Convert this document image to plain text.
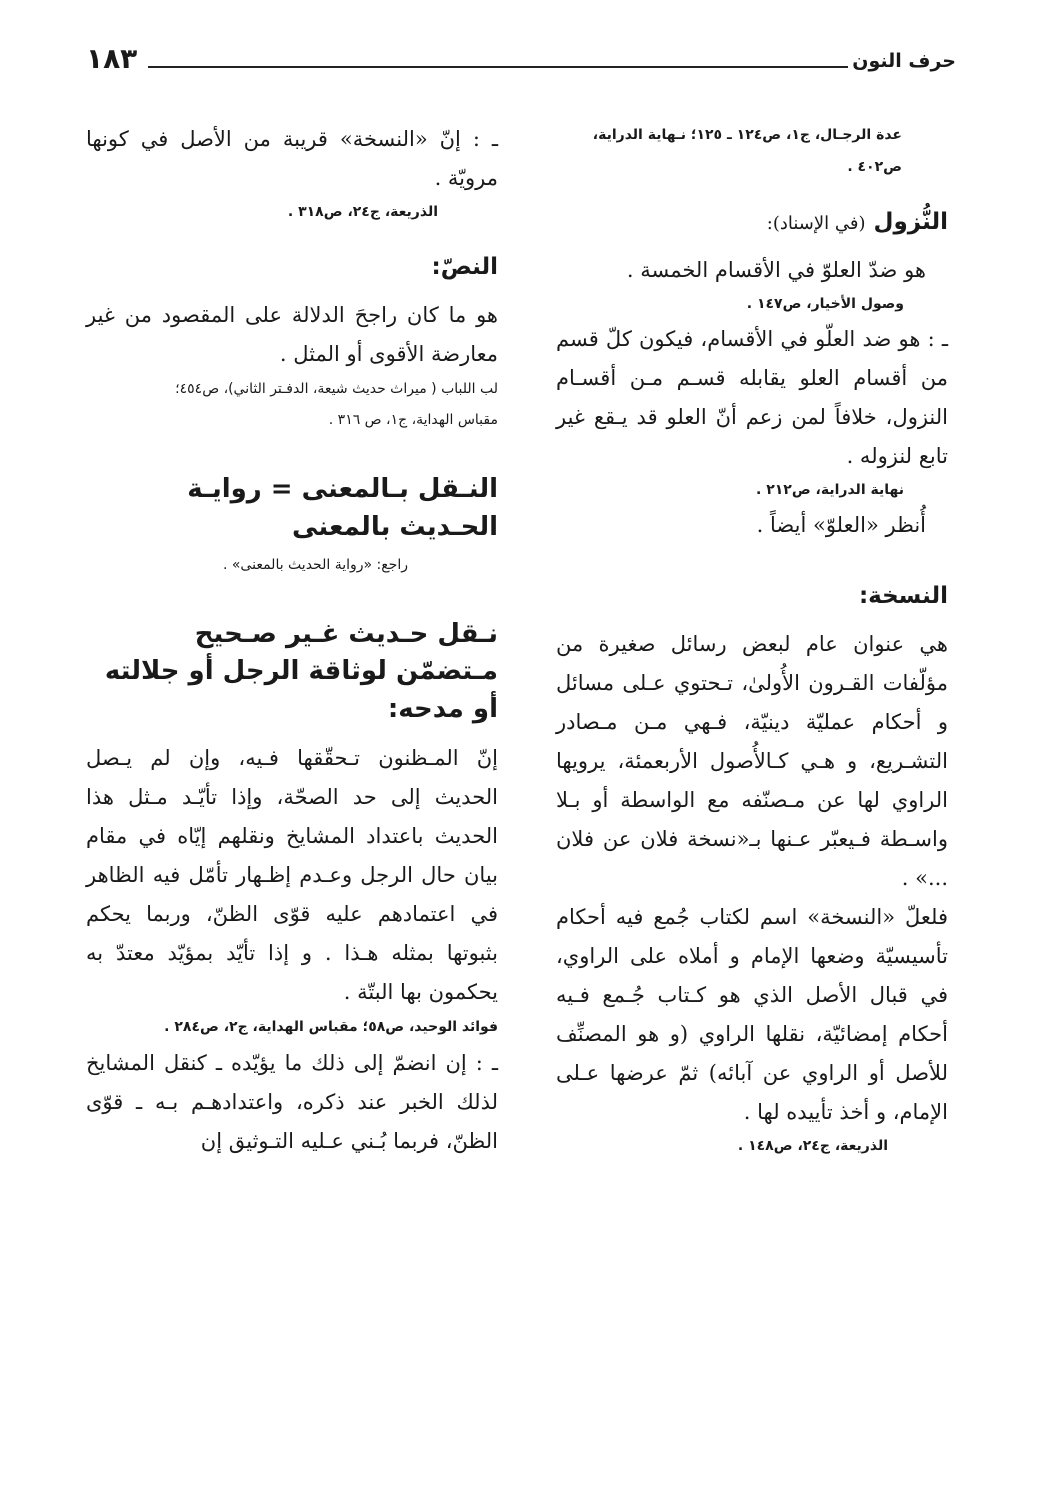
حرف النون
١٨٣

عدة الرجـال، ج١، ص١٢٤ ـ ١٢٥؛ نـهاية الدراية، ص٤٠٢ .

النُّزول (في الإسناد):

هو ضدّ العلوّ في الأقسام الخمسة .

وصول الأخيار، ص١٤٧ .

ـ : هو ضد العلّو في الأقسام، فيكون كلّ قسم من أقسام العلو يقابله قسـم مـن أقسـام النزول، خلافاً لمن زعم أنّ العلو قد يـقع غير تابع لنزوله .

نهاية الدراية، ص٢١٢ .

أُنظر «العلوّ» أيضاً .

النسخة:

هي عنوان عام لبعض رسائل صغيرة من مؤلّفات القـرون الأُولىٰ، تـحتوي عـلى مسائل و أحكام عمليّة دينيّة، فـهي مـن مـصادر التشـريع، و هـي كـالأُصول الأربعمئة، يرويها الراوي لها عن مـصنّفه مع الواسطة أو بـلا واسـطة فـيعبّر عـنها بـ«نسخة فلان عن فلان ...» .

فلعلّ «النسخة» اسم لكتاب جُمع فيه أحكام تأسيسيّة وضعها الإمام و أملاه على الراوي، في قبال الأصل الذي هو كـتاب جُـمع فـيه أحكام إمضائيّة، نقلها الراوي (و هو المصنِّف للأصل أو الراوي عن آبائه) ثمّ عرضها عـلى الإمام، و أخذ تأييده لها .

الذريعة، ج٢٤، ص١٤٨ .

ـ : إنّ «النسخة» قريبة من الأصل في كونها مرويّة .

الذريعة، ج٢٤، ص٣١٨ .

النصّ:

هو ما كان راجحَ الدلالة على المقصود من غير معارضة الأقوى أو المثل .

لب اللباب ( ميراث حديث شيعة، الدفـتر الثاني)، ص٤٥٤؛ مقباس الهداية، ج١، ص ٣١٦ .

النـقل بـالمعنى = روايـة الحـديث بالمعنى

راجع: «رواية الحديث بالمعنى» .

نـقل حـديث غـير صـحيح مـتضمّن لوثاقة الرجل أو جلالته أو مدحه:

إنّ المـظنون تـحقّقها فـيه، وإن لم يـصل الحديث إلى حد الصحّة، وإذا تأيّـد مـثل هذا الحديث باعتداد المشايخ ونقلهم إيّاه في مقام بيان حال الرجل وعـدم إظـهار تأمّل فيه الظاهر في اعتمادهم عليه قوّى الظنّ، وربما يحكم بثبوتها بمثله هـذا . و إذا تأيّد بمؤيّد معتدّ به يحكمون بها البتّة .

فوائد الوحيد، ص٥٨؛ مقباس الهداية، ج٢، ص٢٨٤ .

ـ : إن انضمّ إلى ذلك ما يؤيّده ـ كنقل المشايخ لذلك الخبر عند ذكره، واعتدادهـم بـه ـ قوّى الظنّ، فربما بُـني عـليه التـوثيق إن
